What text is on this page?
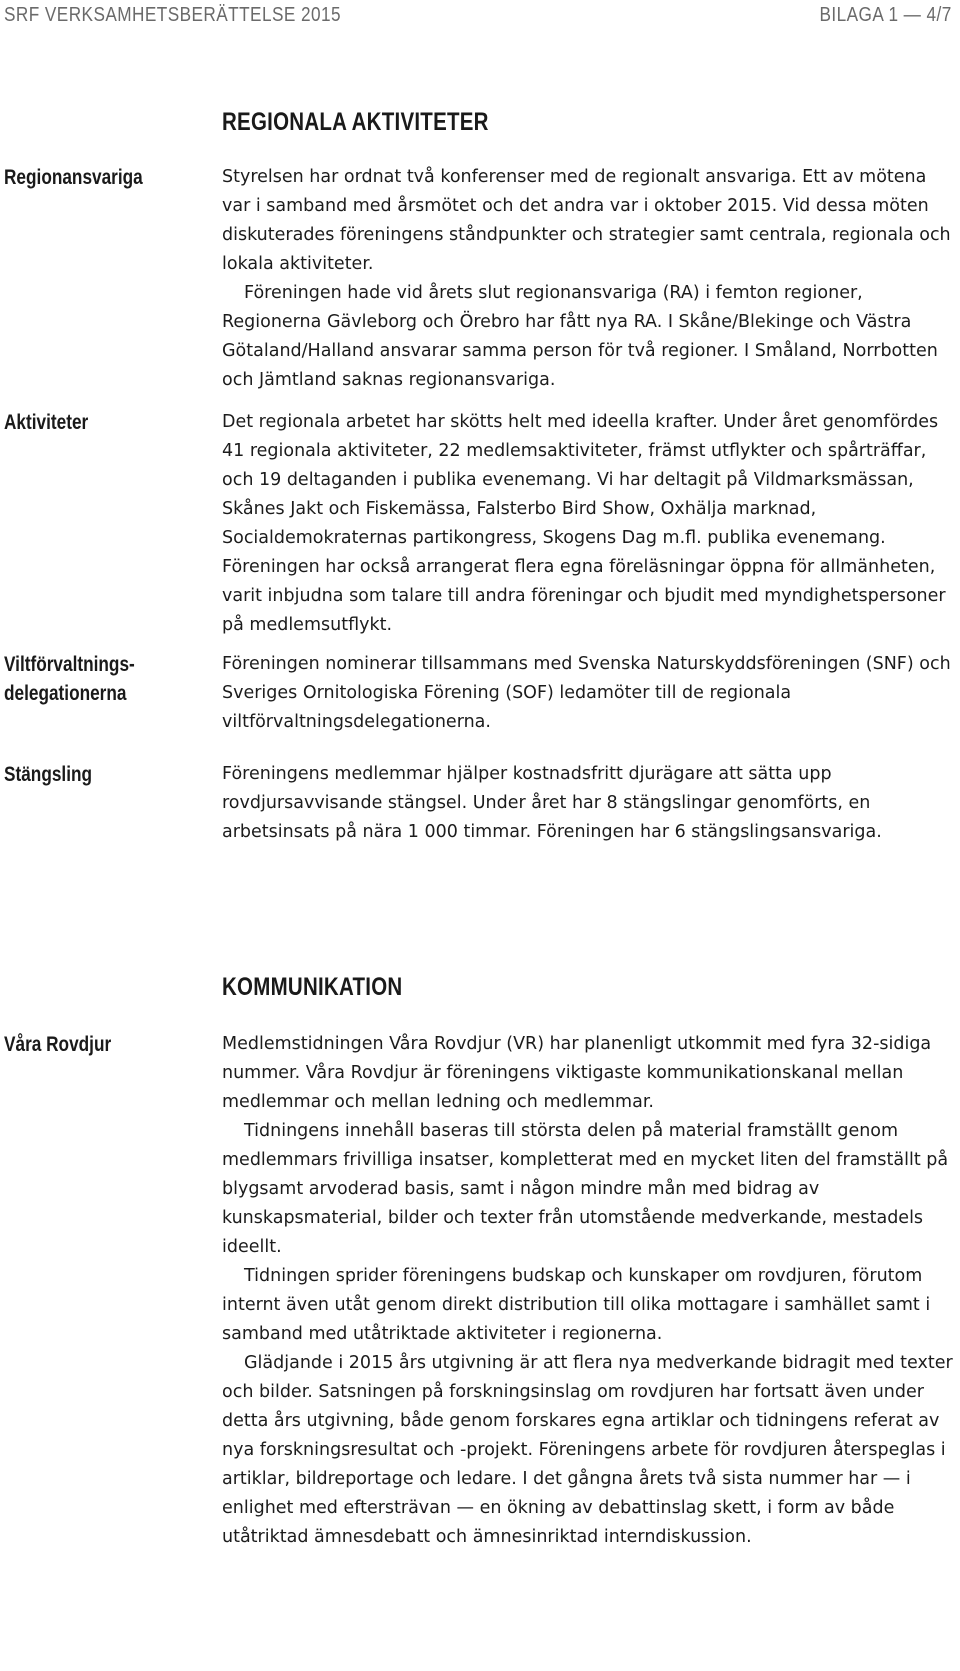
SRF VERKSAMHETSBERÄTTELSE 2015	BILAGA 1 — 4/7
REGIONALA AKTIVITETER
Regionansvariga	Styrelsen har ordnat två konferenser med de regionalt ansvariga. Ett av mötena var i samband med årsmötet och det andra var i oktober 2015. Vid dessa möten diskuterades föreningens ståndpunkter och strategier samt centrala, regionala och lokala aktiviteter.

Föreningen hade vid årets slut regionansvariga (RA) i femton regioner, Regionerna Gävleborg och Örebro har fått nya RA. I Skåne/Blekinge och Västra Götaland/Halland ansvarar samma person för två regioner. I Småland, Norrbotten och Jämtland saknas regionansvariga.

Aktiviteter	Det regionala arbetet har skötts helt med ideella krafter. Under året genomfördes 41 regionala aktiviteter, 22 medlemsaktiviteter, främst utflykter och spårträffar, och 19 deltaganden i publika evenemang. Vi har deltagit på Vildmarksmässan, Skånes Jakt och Fiskemässa, Falsterbo Bird Show, Oxhälja marknad, Socialdemokraternas partikongress, Skogens Dag m.fl. publika evenemang. Föreningen har också arrangerat flera egna föreläsningar öppna för allmänheten, varit inbjudna som talare till andra föreningar och bjudit med myndighetspersoner på medlemsutflykt.

Viltförvaltnings-
delegationerna

Föreningen nominerar tillsammans med Svenska Naturskyddsföreningen (SNF) och Sveriges Ornitologiska Förening (SOF) ledamöter till de regionala viltförvaltningsdelegationerna.

Stängsling	Föreningens medlemmar hjälper kostnadsfritt djurägare att sätta upp rovdjursavvisande stängsel. Under året har 8 stängslingar genomförts, en arbetsinsats på nära 1 000 timmar. Föreningen har 6 stängslingsansvariga.

KOMMUNIKATION
Våra Rovdjur	Medlemstidningen Våra Rovdjur (VR) har planenligt utkommit med fyra 32-sidiga nummer. Våra Rovdjur är föreningens viktigaste kommunikationskanal mellan medlemmar och mellan ledning och medlemmar.

Tidningens innehåll baseras till största delen på material framställt genom medlemmars frivilliga insatser, kompletterat med en mycket liten del framställt på blygsamt arvoderad basis, samt i någon mindre mån med bidrag av kunskapsmaterial, bilder och texter från utomstående medverkande, mestadels ideellt.

Tidningen sprider föreningens budskap och kunskaper om rovdjuren, förutom internt även utåt genom direkt distribution till olika mottagare i samhället samt i samband med utåtriktade aktiviteter i regionerna.

Glädjande i 2015 års utgivning är att flera nya medverkande bidragit med texter och bilder. Satsningen på forskningsinslag om rovdjuren har fortsatt även under detta års utgivning, både genom forskares egna artiklar och tidningens referat av nya forskningsresultat och -projekt. Föreningens arbete för rovdjuren återspeglas i artiklar, bildreportage och ledare. I det gångna årets två sista nummer har — i enlighet med eftersträvan — en ökning av debattinslag skett, i form av både utåtriktad ämnesdebatt och ämnesinriktad interndiskussion.
